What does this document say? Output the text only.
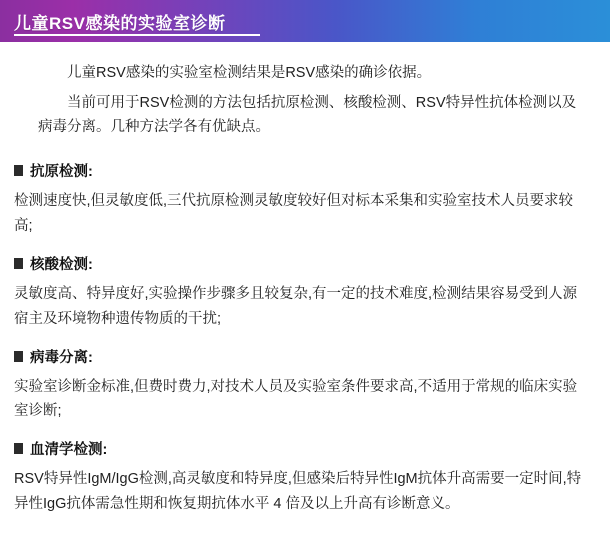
儿童RSV感染的实验室诊断

儿童RSV感染的实验室检测结果是RSV感染的确诊依据。

当前可用于RSV检测的方法包括抗原检测、核酸检测、RSV特异性抗体检测以及病毒分离。几种方法学各有优缺点。

抗原检测:

检测速度快,但灵敏度低,三代抗原检测灵敏度较好但对标本采集和实验室技术人员要求较高;

核酸检测:

灵敏度高、特异度好,实验操作步骤多且较复杂,有一定的技术难度,检测结果容易受到人源宿主及环境物种遗传物质的干扰;

病毒分离:

实验室诊断金标准,但费时费力,对技术人员及实验室条件要求高,不适用于常规的临床实验室诊断;

血清学检测:

RSV特异性IgM/IgG检测,高灵敏度和特异度,但感染后特异性IgM抗体升高需要一定时间,特异性IgG抗体需急性期和恢复期抗体水平 4 倍及以上升高有诊断意义。
